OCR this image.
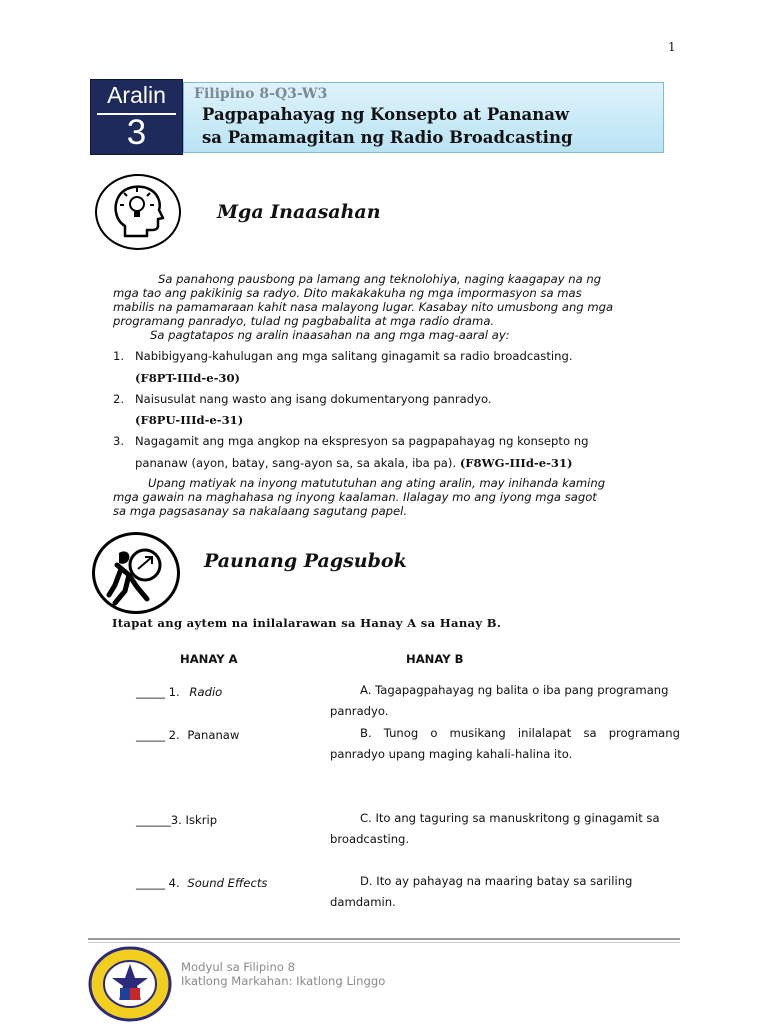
1
Aralin
3
Filipino 8-Q3-W3
Pagpapahayag ng Konsepto at Pananaw
sa Pamamagitan ng Radio Broadcasting
Mga Inaasahan
Sa panahong pausbong pa lamang ang teknolohiya, naging kaagapay na ng
mga tao ang pakikinig sa radyo. Dito makakakuha ng mga impormasyon sa mas
mabilis na pamamaraan kahit nasa malayong lugar. Kasabay nito umusbong ang mga
programang panradyo, tulad ng pagbabalita at mga radio drama.
Sa pagtatapos ng aralin inaasahan na ang mga mag-aaral ay:
1. Nabibigyang-kahulugan ang mga salitang ginagamit sa radio broadcasting.
(F8PT-IIId-e-30)
2. Naisusulat nang wasto ang isang dokumentaryong panradyo.
(F8PU-IIId-e-31)
3. Nagagamit ang mga angkop na ekspresyon sa pagpapahayag ng konsepto ng
pananaw (ayon, batay, sang-ayon sa, sa akala, iba pa). (F8WG-IIId-e-31)
Upang matiyak na inyong matututuhan ang ating aralin, may inihanda kaming
mga gawain na maghahasa ng inyong kaalaman. Ilalagay mo ang iyong mga sagot
sa mga pagsasanay sa nakalaang sagutang papel.
Paunang Pagsubok
Itapat ang aytem na inilalarawan sa Hanay A sa Hanay B.
HANAY A	HANAY B
_____ 1. Radio	A. Tagapagpahayag ng balita o iba pang programang panradyo.
_____ 2. Pananaw	B. Tunog o musikang inilalapat sa programang panradyo upang maging kahali-halina ito.
______3. Iskrip	C. Ito ang taguring sa manuskritong g ginagamit sa broadcasting.
_____ 4. Sound Effects	D. Ito ay pahayag na maaring batay sa sariling damdamin.
Modyul sa Filipino 8
Ikatlong Markahan: Ikatlong Linggo
